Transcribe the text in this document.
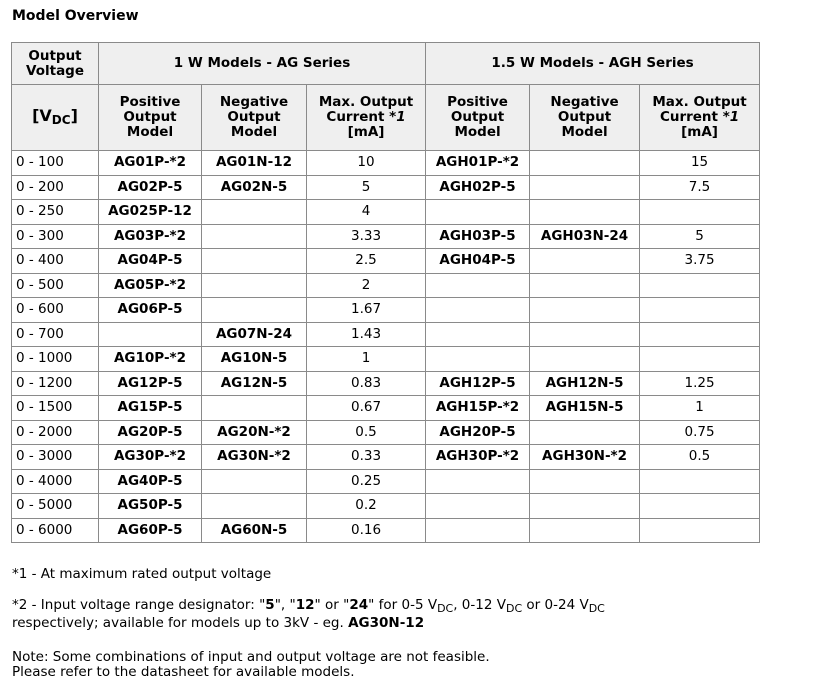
Model Overview
Output Voltage	1 W Models - AG Series			1.5 W Models - AGH Series		
$[V_{DC}]$	Positive Output Model	Negative Output Model	Max. Output Current *1 [mA]	Positive Output Model	Negative Output Model	Max. Output Current *1 [mA]
0 - 100	AG01P-*2	AG01N-12	10	AGH01P-*2		15
0 - 200	AG02P-5	AG02N-5	5	AGH02P-5		7.5
0 - 250	AG025P-12		4			
0 - 300	AG03P-*2		3.33	AGH03P-5	AGH03N-24	5
0 - 400	AG04P-5		2.5	AGH04P-5		3.75
0 - 500	AG05P-*2		2			
0 - 600	AG06P-5		1.67			
0 - 700		AG07N-24	1.43			
0 - 1000	AG10P-*2	AG10N-5	1			
0 - 1200	AG12P-5	AG12N-5	0.83	AGH12P-5	AGH12N-5	1.25
0 - 1500	AG15P-5		0.67	AGH15P-*2	AGH15N-5	1
0 - 2000	AG20P-5	AG20N-*2	0.5	AGH20P-5		0.75
0 - 3000	AG30P-*2	AG30N-*2	0.33	AGH30P-*2	AGH30N-*2	0.5
0 - 4000	AG40P-5		0.25			
0 - 5000	AG50P-5		0.2			
0 - 6000	AG60P-5	AG60N-5	0.16			
*1 - At maximum rated output voltage
*2 - Input voltage range designator: "5", "12" or "24" for 0-5 $V_{DC}$, 0-12 $V_{DC}$ or 0-24 $V_{DC}$
respectively; available for models up to 3kV - eg. AG30N-12
Note: Some combinations of input and output voltage are not feasible.
Please refer to the datasheet for available models.
